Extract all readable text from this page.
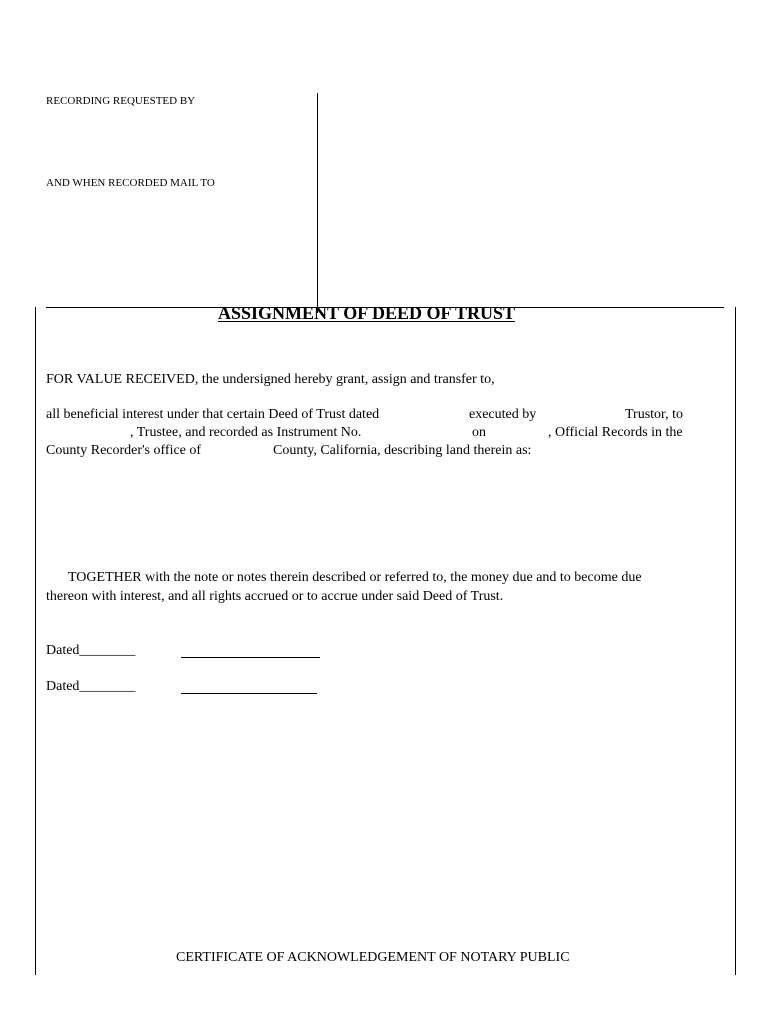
RECORDING REQUESTED BY
AND WHEN RECORDED MAIL TO
ASSIGNMENT OF DEED OF TRUST
FOR VALUE RECEIVED, the undersigned hereby grant, assign and transfer to,
all beneficial interest under that certain Deed of Trust dated	executed by	Trustor, to
, Trustee, and recorded as Instrument No.	on	, Official Records in the
County Recorder's office of	County, California, describing land therein as:
TOGETHER with the note or notes therein described or referred to, the money due and to become due
thereon with interest, and all rights accrued or to accrue under said Deed of Trust.
Dated________
Dated________
CERTIFICATE OF ACKNOWLEDGEMENT OF NOTARY PUBLIC
